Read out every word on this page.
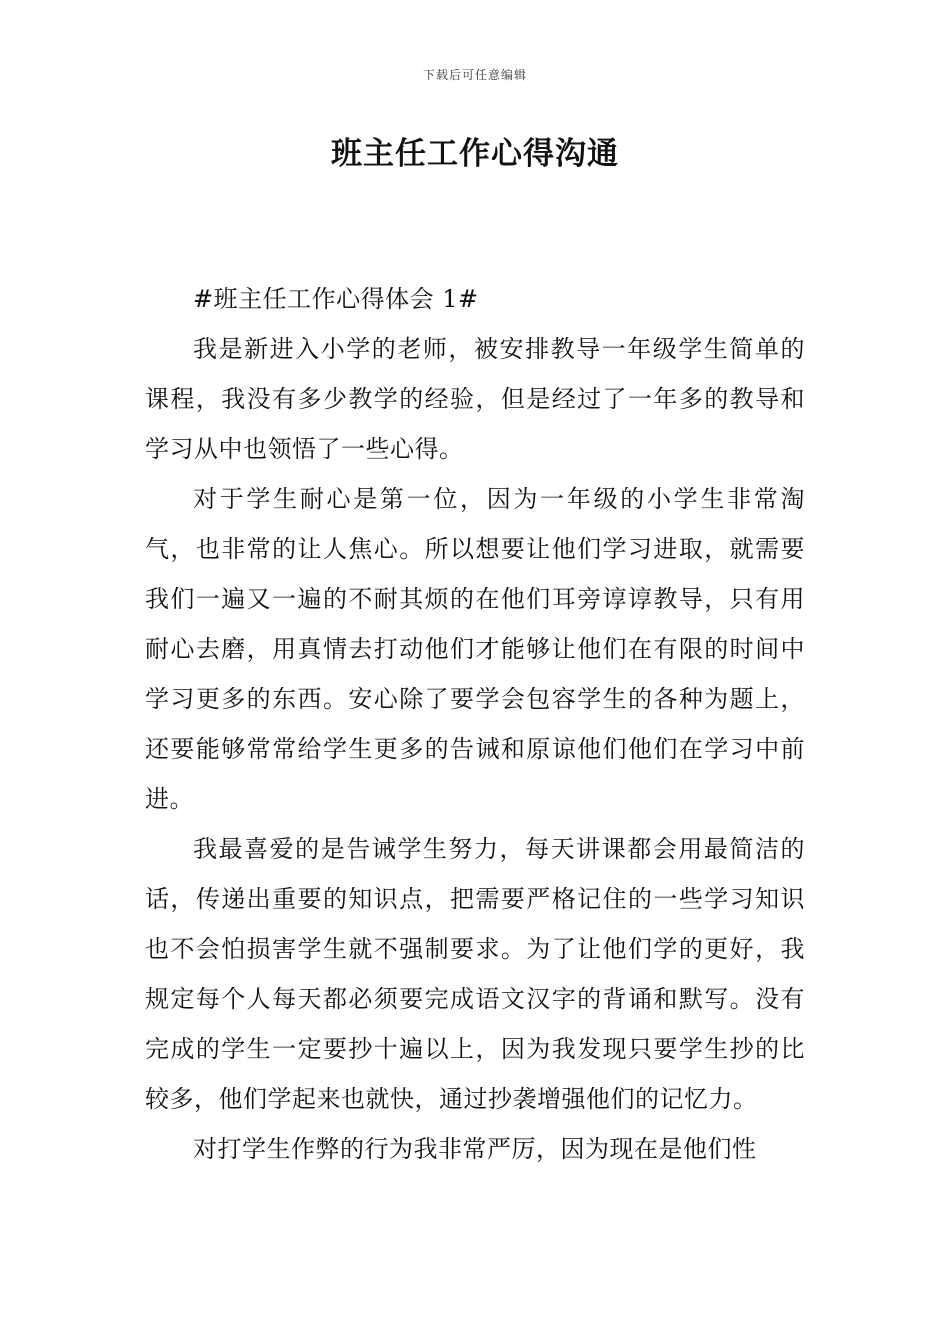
下载后可任意编辑
班主任工作心得沟通

#班主任工作心得体会 1#

我是新进入小学的老师，被安排教导一年级学生简单的课程，我没有多少教学的经验，但是经过了一年多的教导和学习从中也领悟了一些心得。

对于学生耐心是第一位，因为一年级的小学生非常淘气，也非常的让人焦心。所以想要让他们学习进取，就需要我们一遍又一遍的不耐其烦的在他们耳旁谆谆教导，只有用耐心去磨，用真情去打动他们才能够让他们在有限的时间中学习更多的东西。安心除了要学会包容学生的各种为题上，还要能够常常给学生更多的告诫和原谅他们他们在学习中前进。

我最喜爱的是告诫学生努力，每天讲课都会用最简洁的话，传递出重要的知识点，把需要严格记住的一些学习知识也不会怕损害学生就不强制要求。为了让他们学的更好，我规定每个人每天都必须要完成语文汉字的背诵和默写。没有完成的学生一定要抄十遍以上，因为我发现只要学生抄的比较多，他们学起来也就快，通过抄袭增强他们的记忆力。

对打学生作弊的行为我非常严厉，因为现在是他们性
